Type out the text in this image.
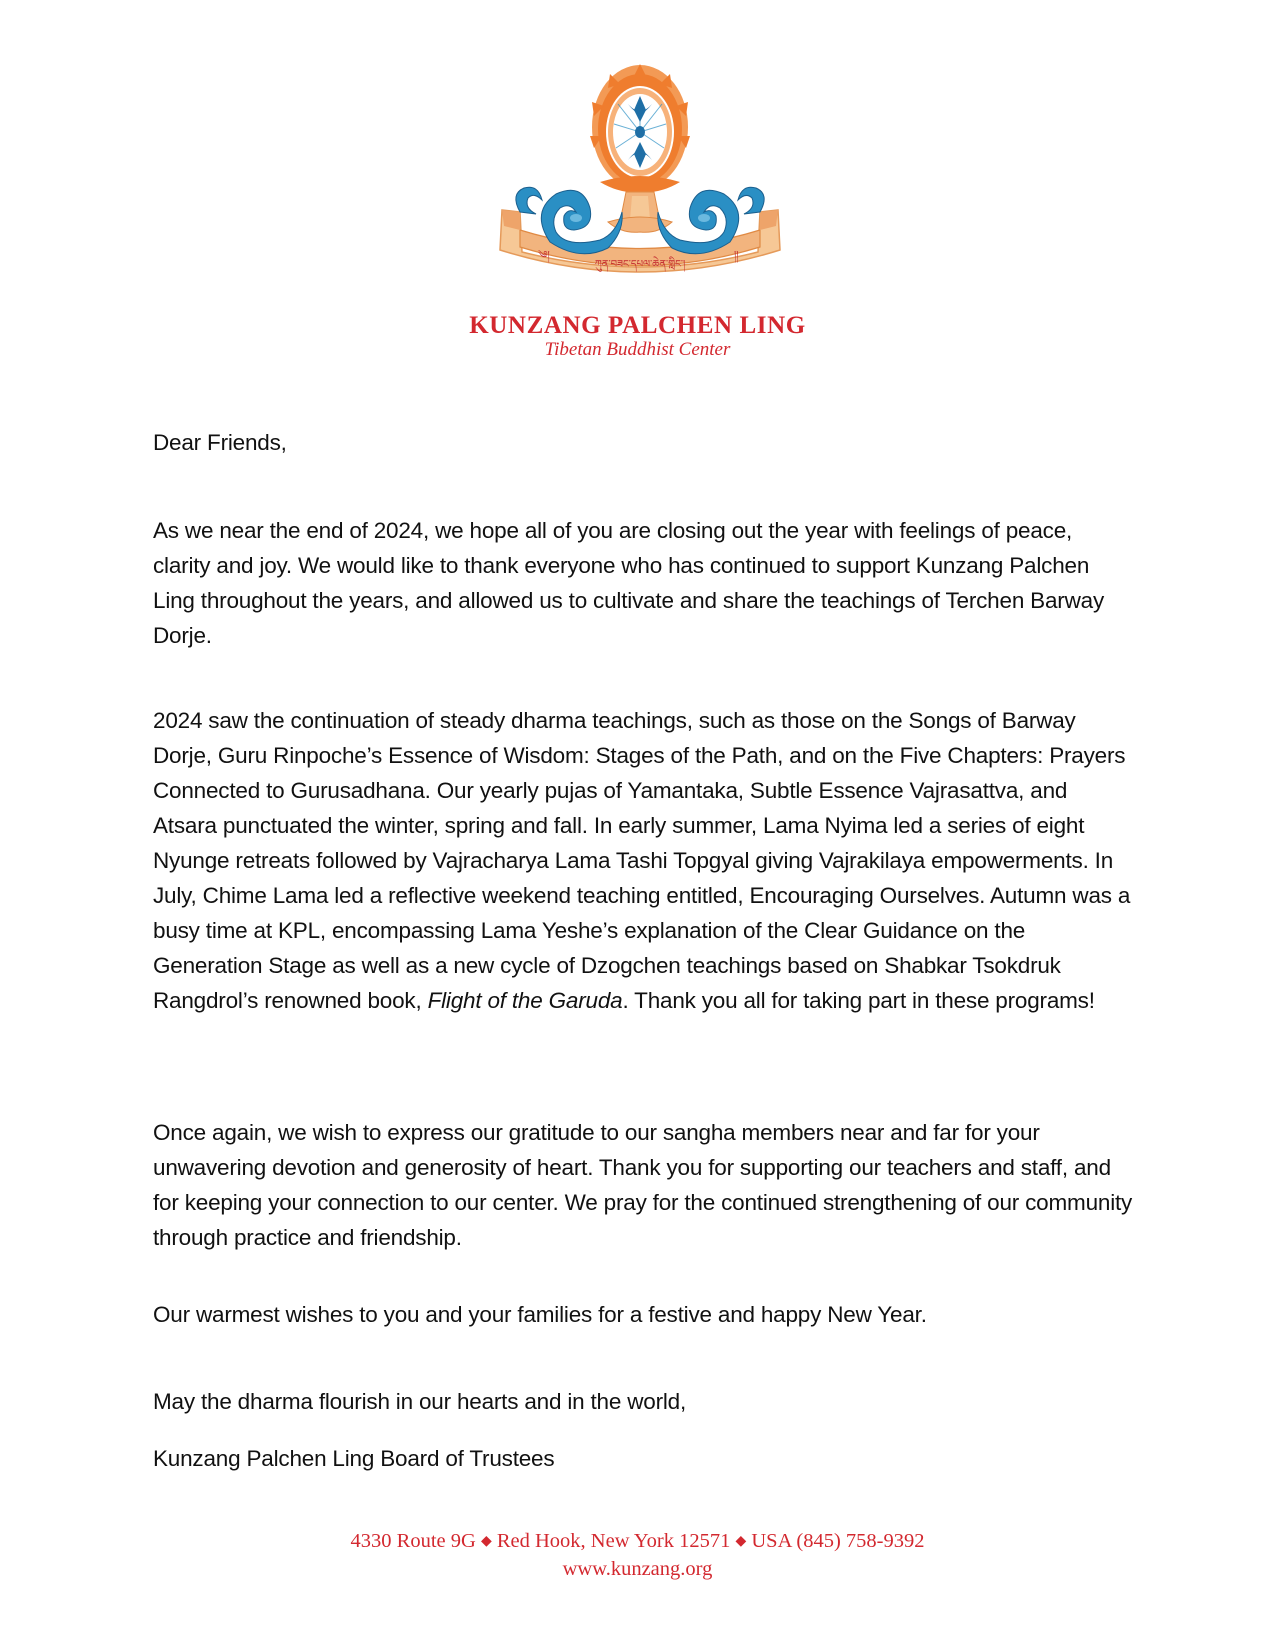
ཀུན་བཟང་དཔལ་ཆེན་གླིང་།
༄།	།།
KUNZANG PALCHEN LING
Tibetan Buddhist Center

Dear Friends,

As we near the end of 2024, we hope all of you are closing out the year with feelings of peace, clarity and joy. We would like to thank everyone who has continued to support Kunzang Palchen Ling throughout the years, and allowed us to cultivate and share the teachings of Terchen Barway Dorje.

2024 saw the continuation of steady dharma teachings, such as those on the Songs of Barway Dorje, Guru Rinpoche’s Essence of Wisdom: Stages of the Path, and on the Five Chapters: Prayers Connected to Gurusadhana. Our yearly pujas of Yamantaka, Subtle Essence Vajrasattva, and Atsara punctuated the winter, spring and fall. In early summer, Lama Nyima led a series of eight Nyunge retreats followed by Vajracharya Lama Tashi Topgyal giving Vajrakilaya empowerments. In July, Chime Lama led a reflective weekend teaching entitled, Encouraging Ourselves. Autumn was a busy time at KPL, encompassing Lama Yeshe’s explanation of the Clear Guidance on the Generation Stage as well as a new cycle of Dzogchen teachings based on Shabkar Tsokdruk Rangdrol’s renowned book, Flight of the Garuda. Thank you all for taking part in these programs!

Once again, we wish to express our gratitude to our sangha members near and far for your unwavering devotion and generosity of heart. Thank you for supporting our teachers and staff, and for keeping your connection to our center. We pray for the continued strengthening of our community through practice and friendship.

Our warmest wishes to you and your families for a festive and happy New Year.

May the dharma flourish in our hearts and in the world,

Kunzang Palchen Ling Board of Trustees

4330 Route 9G ◆ Red Hook, New York 12571 ◆ USA (845) 758-9392
www.kunzang.org
